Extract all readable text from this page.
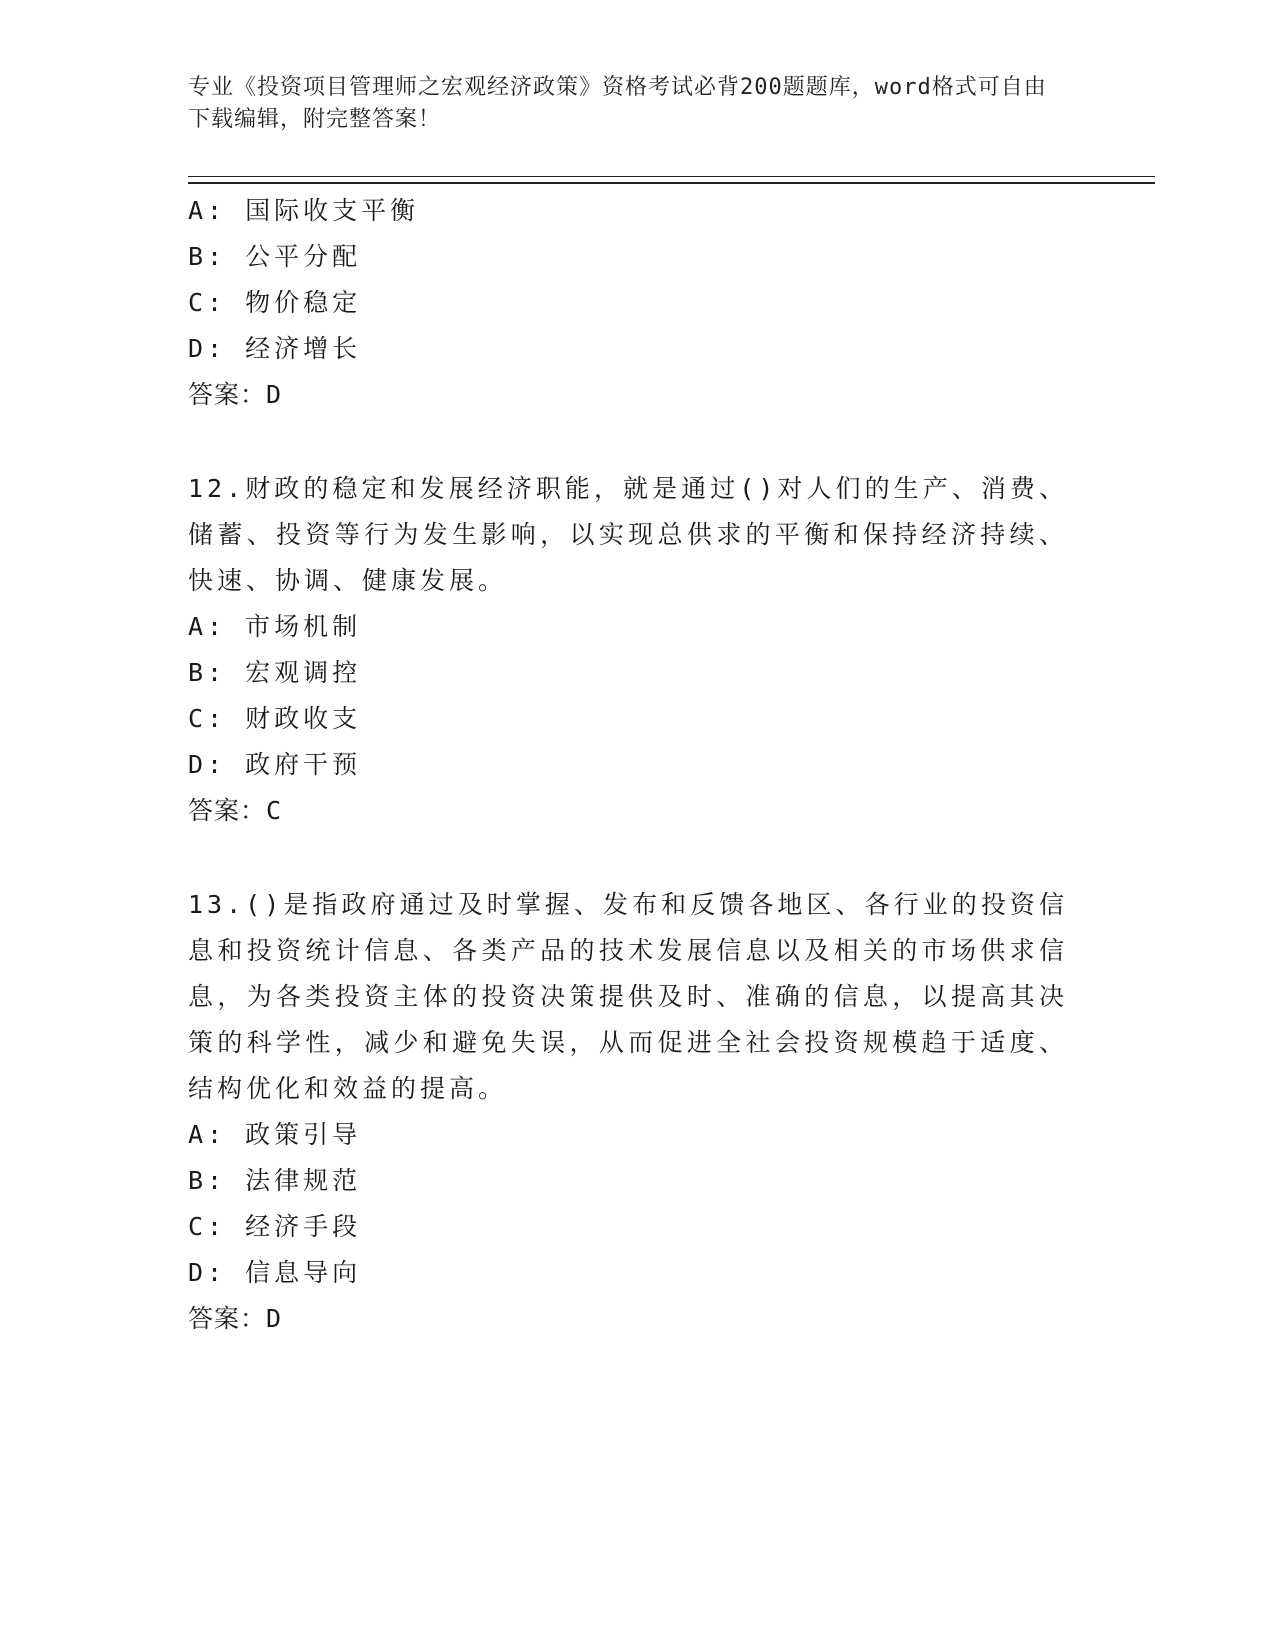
专业《投资项目管理师之宏观经济政策》资格考试必背200题题库，word格式可自由下载编辑，附完整答案！
A: 国际收支平衡
B: 公平分配
C: 物价稳定
D: 经济增长
答案：D
12.财政的稳定和发展经济职能，就是通过()对人们的生产、消费、储蓄、投资等行为发生影响，以实现总供求的平衡和保持经济持续、快速、协调、健康发展。
A: 市场机制
B: 宏观调控
C: 财政收支
D: 政府干预
答案：C
13.()是指政府通过及时掌握、发布和反馈各地区、各行业的投资信息和投资统计信息、各类产品的技术发展信息以及相关的市场供求信息，为各类投资主体的投资决策提供及时、准确的信息，以提高其决策的科学性，减少和避免失误，从而促进全社会投资规模趋于适度、结构优化和效益的提高。
A: 政策引导
B: 法律规范
C: 经济手段
D: 信息导向
答案：D
